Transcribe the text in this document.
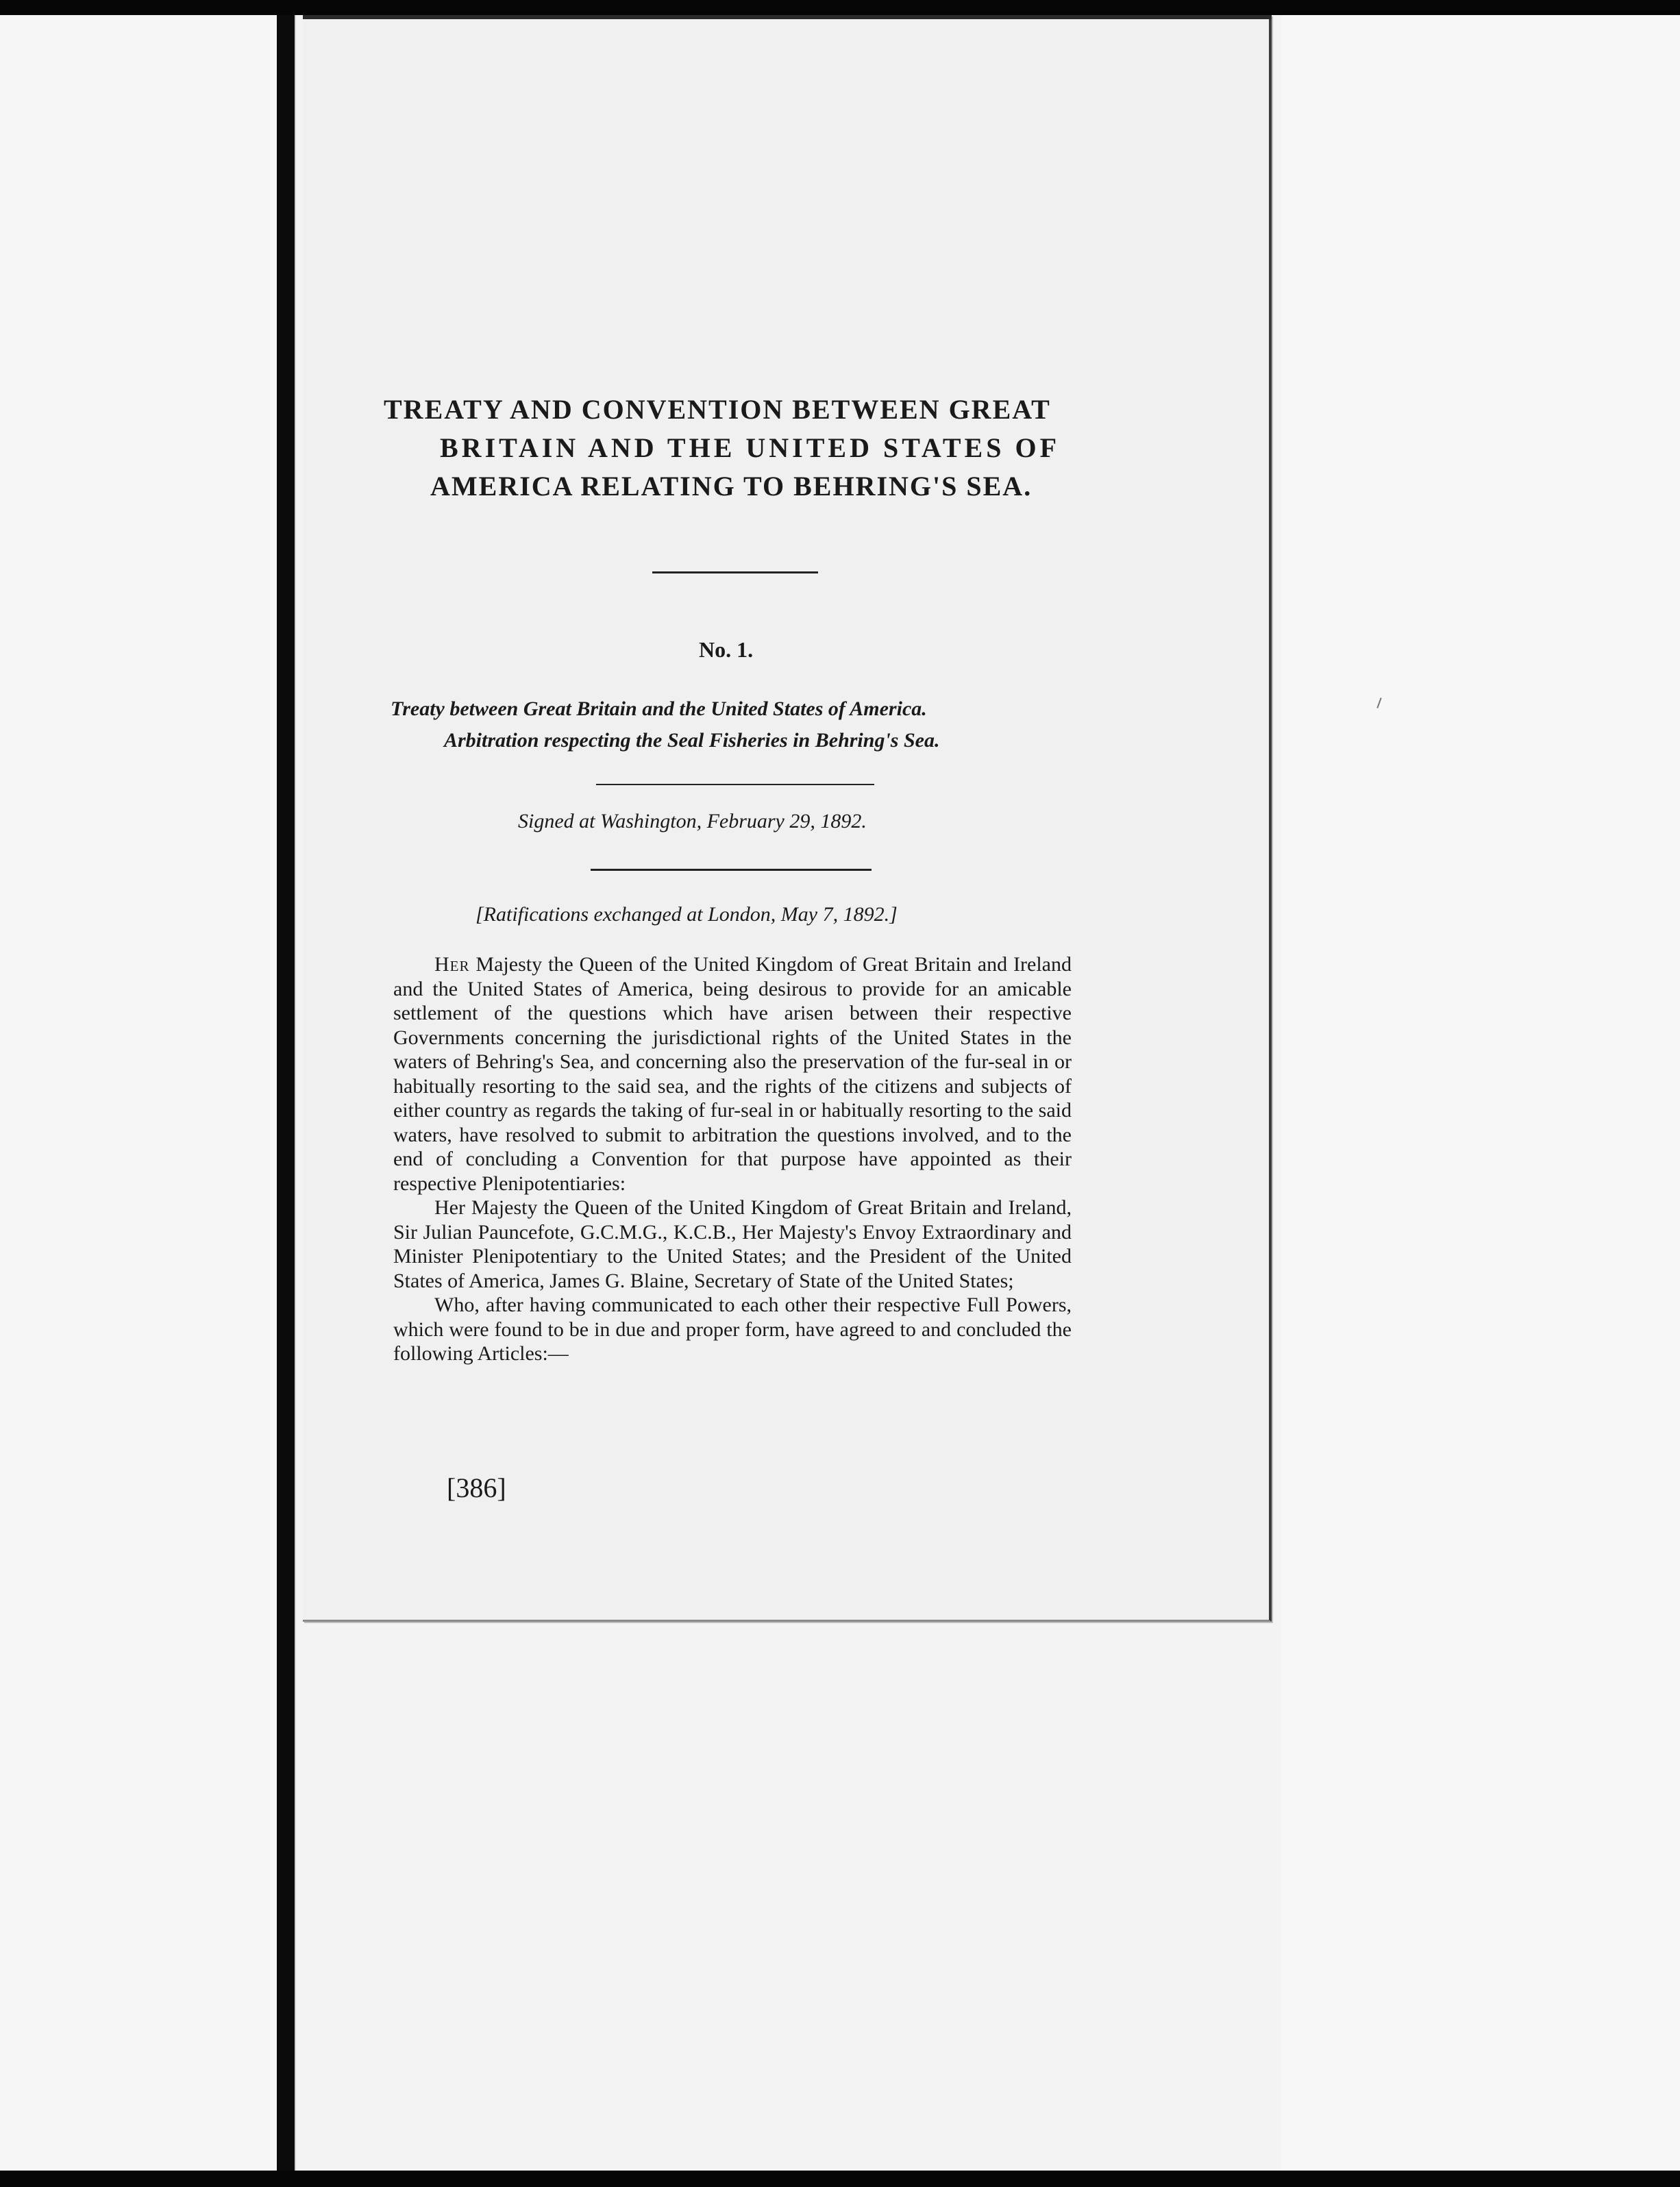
TREATY AND CONVENTION BETWEEN GREAT
BRITAIN AND THE UNITED STATES OF
AMERICA RELATING TO BEHRING'S SEA.
No. 1.
Treaty between Great Britain and the United States of America.
Arbitration respecting the Seal Fisheries in Behring's Sea.
Signed at Washington, February 29, 1892.
[Ratifications exchanged at London, May 7, 1892.]

Her Majesty the Queen of the United Kingdom of Great Britain and Ireland and the United States of America, being desirous to provide for an amicable settlement of the questions which have arisen between their respective Governments concerning the jurisdictional rights of the United States in the waters of Behring's Sea, and concerning also the preservation of the fur-seal in or habitually resorting to the said sea, and the rights of the citizens and subjects of either country as regards the taking of fur-seal in or habitually resorting to the said waters, have resolved to submit to arbitration the questions involved, and to the end of concluding a Convention for that purpose have appointed as their respective Plenipotentiaries:

Her Majesty the Queen of the United Kingdom of Great Britain and Ireland, Sir Julian Pauncefote, G.C.M.G., K.C.B., Her Majesty's Envoy Extraordinary and Minister Plenipotentiary to the United States; and the President of the United States of America, James G. Blaine, Secretary of State of the United States;

Who, after having communicated to each other their respective Full Powers, which were found to be in due and proper form, have agreed to and concluded the following Articles:—

[386]
